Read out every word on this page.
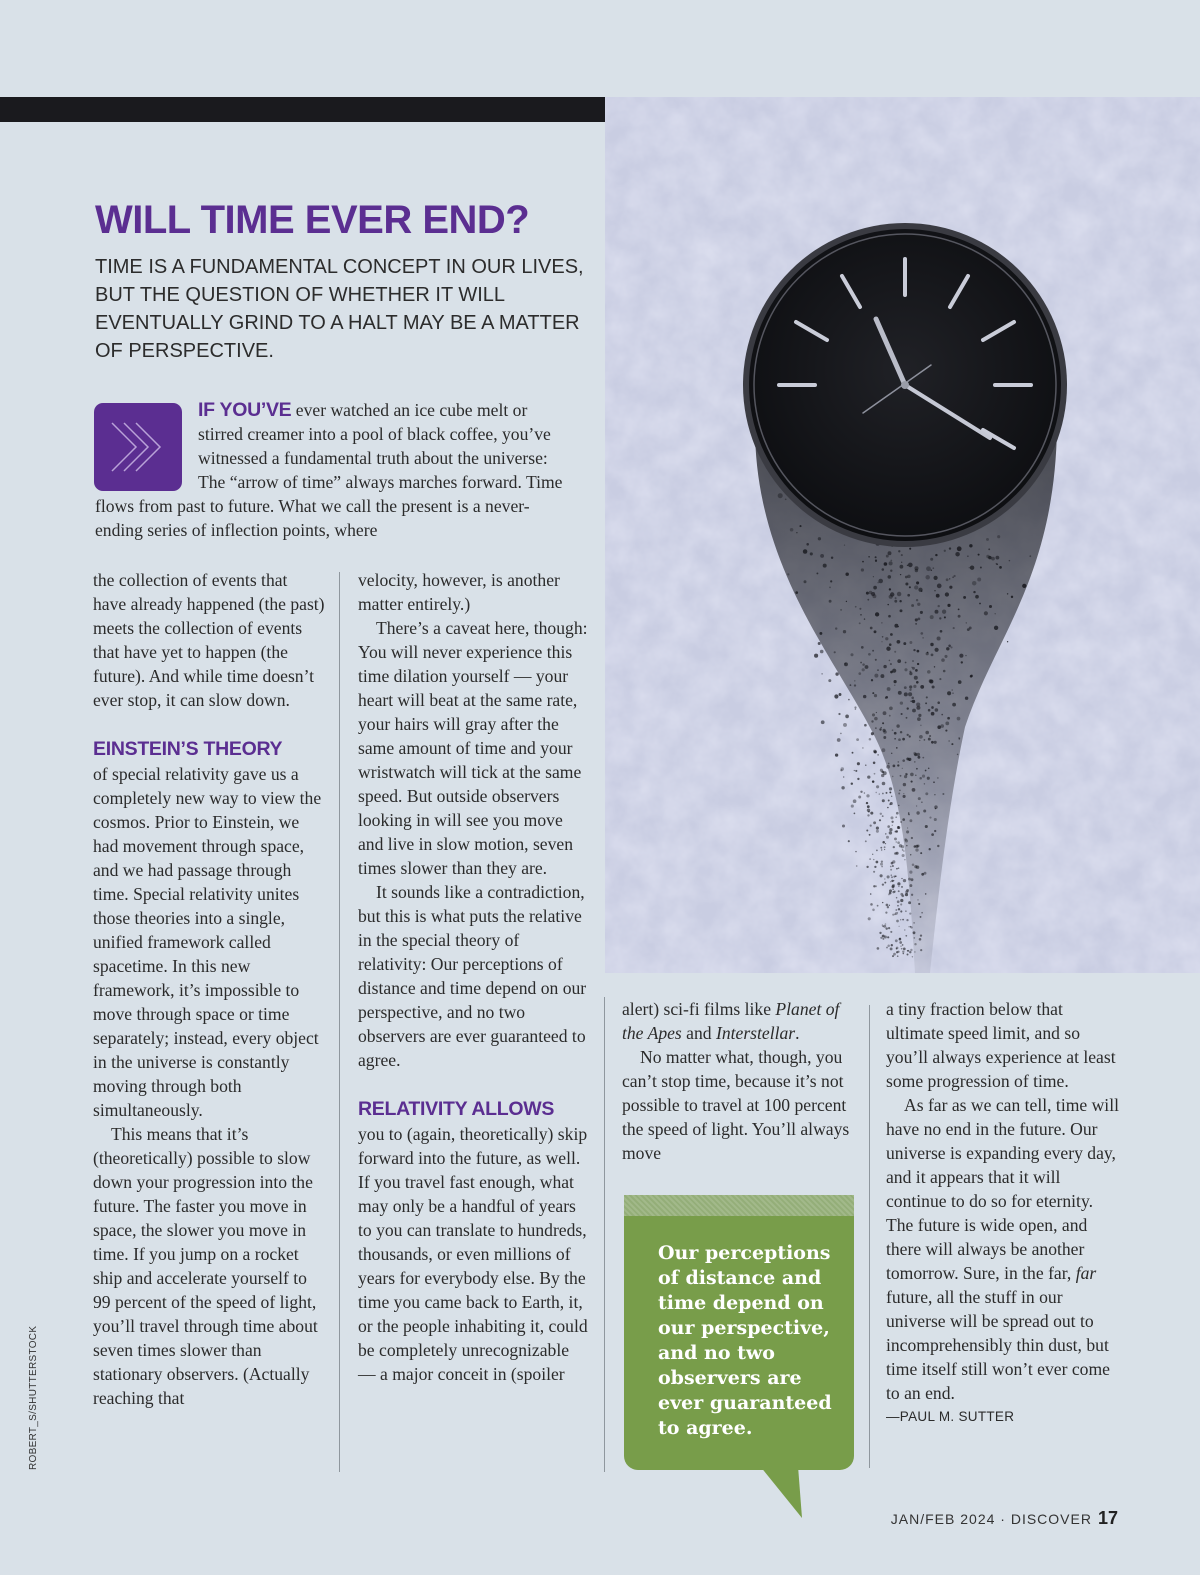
WILL TIME EVER END?

TIME IS A FUNDAMENTAL CONCEPT IN OUR LIVES, BUT THE QUESTION OF WHETHER IT WILL EVENTUALLY GRIND TO A HALT MAY BE A MATTER OF PERSPECTIVE.

IF YOU’VE ever watched an ice cube melt or stirred creamer into a pool of black coffee, you’ve witnessed a fundamental truth about the universe: The “arrow of time” always marches forward. Time flows from past to future. What we call the present is a never-ending series of inflection points, where

the collection of events that have already happened (the past) meets the collection of events that have yet to happen (the future). And while time doesn’t ever stop, it can slow down.

EINSTEIN’S THEORY

of special relativity gave us a completely new way to view the cosmos. Prior to Einstein, we had movement through space, and we had passage through time. Special relativity unites those theories into a single, unified framework called spacetime. In this new framework, it’s impossible to move through space or time separately; instead, every object in the universe is constantly moving through both simultaneously.

This means that it’s (theoretically) possible to slow down your progression into the future. The faster you move in space, the slower you move in time. If you jump on a rocket ship and accelerate yourself to 99 percent of the speed of light, you’ll travel through time about seven times slower than stationary observers. (Actually reaching that

velocity, however, is another matter entirely.)

There’s a caveat here, though: You will never experience this time dilation yourself — your heart will beat at the same rate, your hairs will gray after the same amount of time and your wristwatch will tick at the same speed. But outside observers looking in will see you move and live in slow motion, seven times slower than they are.

It sounds like a contradiction, but this is what puts the relative in the special theory of relativity: Our perceptions of distance and time depend on our perspective, and no two observers are ever guaranteed to agree.

RELATIVITY ALLOWS

you to (again, theoretically) skip forward into the future, as well. If you travel fast enough, what may only be a handful of years to you can translate to hundreds, thousands, or even millions of years for everybody else. By the time you came back to Earth, it, or the people inhabiting it, could be completely unrecognizable — a major conceit in (spoiler

alert) sci-fi films like Planet of the Apes and Interstellar.

No matter what, though, you can’t stop time, because it’s not possible to travel at 100 percent the speed of light. You’ll always move

a tiny fraction below that ultimate speed limit, and so you’ll always experience at least some progression of time.

As far as we can tell, time will have no end in the future. Our universe is expanding every day, and it appears that it will continue to do so for eternity. The future is wide open, and there will always be another tomorrow. Sure, in the far, far future, all the stuff in our universe will be spread out to incomprehensibly thin dust, but time itself still won’t ever come to an end.

—PAUL M. SUTTER

Our perceptions of distance and time depend on our perspective, and no two observers are ever guaranteed to agree.

ROBERT_S/SHUTTERSTOCK
JAN/FEB 2024 · DISCOVER 17
